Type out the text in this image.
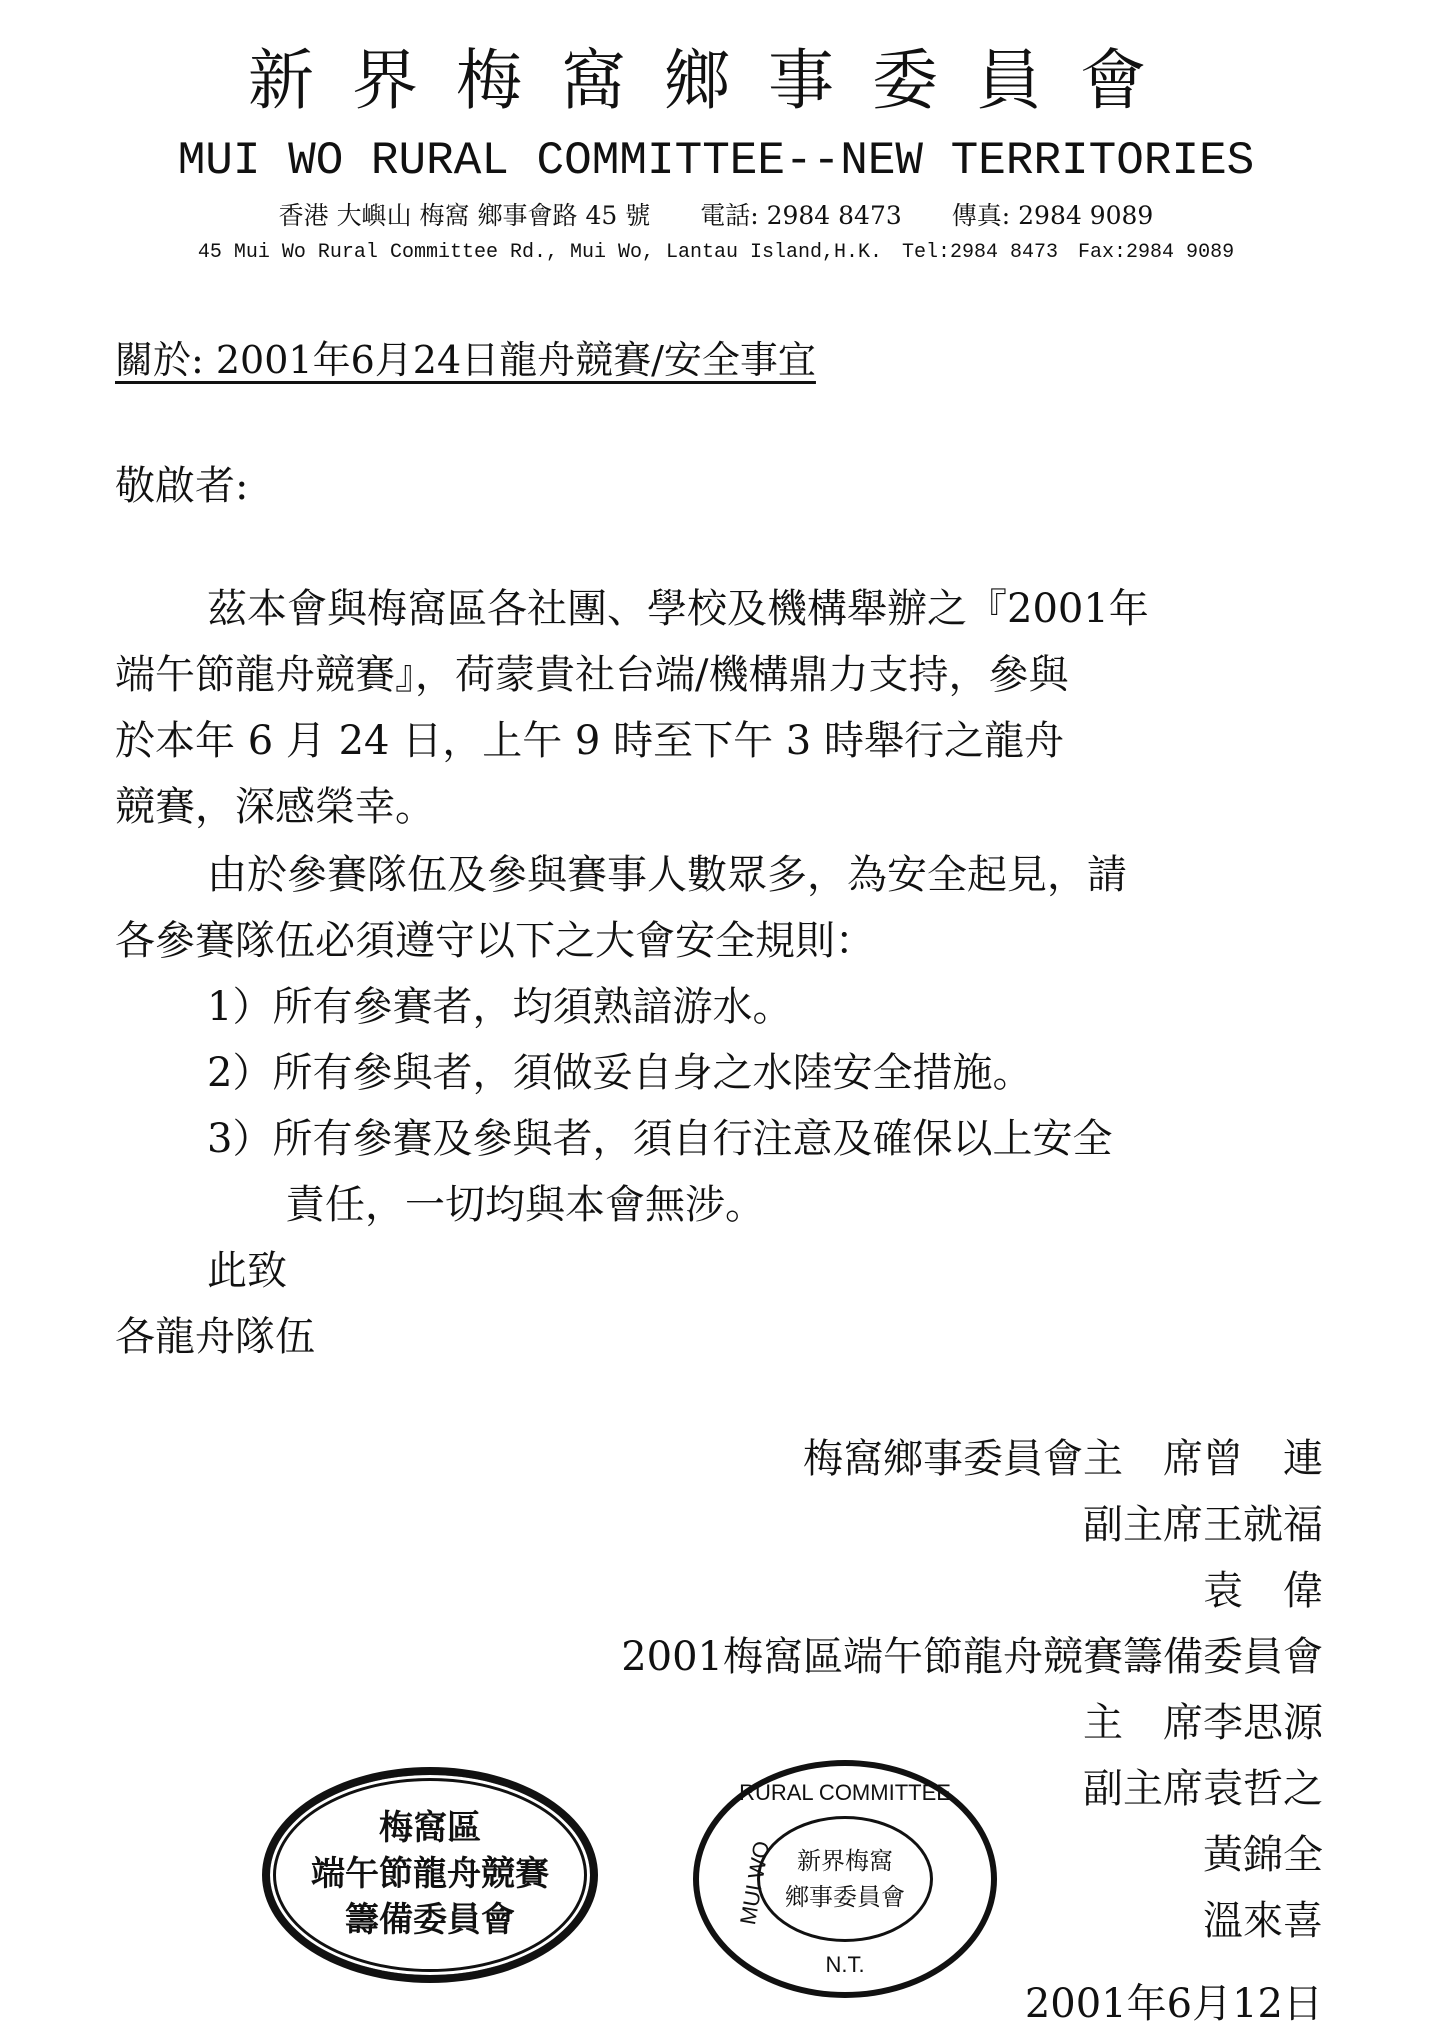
新界梅窩鄉事委員會
MUI WO RURAL COMMITTEE--NEW TERRITORIES
香港 大嶼山 梅窩 鄉事會路 45 號　　電話: 2984 8473　　傳真: 2984 9089
45 Mui Wo Rural Committee Rd., Mui Wo, Lantau Island,H.K.　Tel:2984 8473　Fax:2984 9089
關於: 2001年6月24日龍舟競賽/安全事宜
敬啟者:
茲本會與梅窩區各社團、學校及機構舉辦之『2001年
端午節龍舟競賽』，荷蒙貴社台端/機構鼎力支持，參與
於本年 6 月 24 日，上午 9 時至下午 3 時舉行之龍舟
競賽，深感榮幸。
由於參賽隊伍及參與賽事人數眾多，為安全起見，請
各參賽隊伍必須遵守以下之大會安全規則：
1）所有參賽者，均須熟諳游水。
2）所有參與者，須做妥自身之水陸安全措施。
3）所有參賽及參與者，須自行注意及確保以上安全
責任，一切均與本會無涉。
此致
各龍舟隊伍
梅窩鄉事委員會主　席曾　連
副主席王就福
袁　偉
2001梅窩區端午節龍舟競賽籌備委員會
主　席李思源
副主席袁哲之
黃錦全
溫來喜
2001年6月12日
梅窩區
端午節龍舟競賽
籌備委員會
RURAL COMMITTEE
MUI WO
N.T.
新界梅窩
鄉事委員會
